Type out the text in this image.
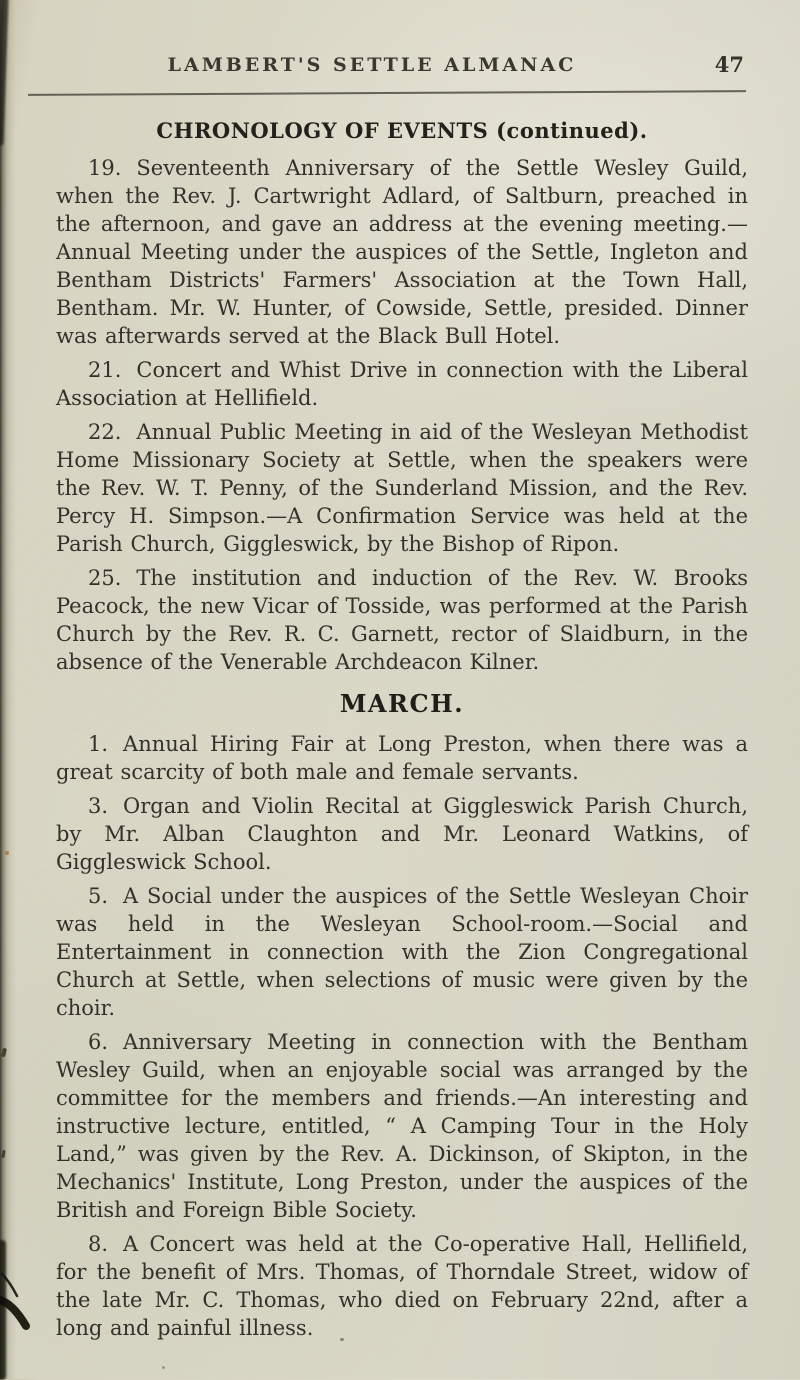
LAMBERT'S SETTLE ALMANAC	47
CHRONOLOGY OF EVENTS (continued).

19. Seventeenth Anniversary of the Settle Wesley Guild, when the Rev. J. Cartwright Adlard, of Saltburn, preached in the afternoon, and gave an address at the evening meeting.—Annual Meeting under the auspices of the Settle, Ingleton and Bentham Districts' Farmers' Association at the Town Hall, Bentham. Mr. W. Hunter, of Cowside, Settle, presided. Dinner was afterwards served at the Black Bull Hotel.

21. Concert and Whist Drive in connection with the Liberal Association at Hellifield.

22. Annual Public Meeting in aid of the Wesleyan Methodist Home Missionary Society at Settle, when the speakers were the Rev. W. T. Penny, of the Sunderland Mission, and the Rev. Percy H. Simpson.—A Confirmation Service was held at the Parish Church, Giggleswick, by the Bishop of Ripon.

25. The institution and induction of the Rev. W. Brooks Peacock, the new Vicar of Tosside, was performed at the Parish Church by the Rev. R. C. Garnett, rector of Slaidburn, in the absence of the Venerable Archdeacon Kilner.

MARCH.

1. Annual Hiring Fair at Long Preston, when there was a great scarcity of both male and female servants.

3. Organ and Violin Recital at Giggleswick Parish Church, by Mr. Alban Claughton and Mr. Leonard Watkins, of Giggleswick School.

5. A Social under the auspices of the Settle Wesleyan Choir was held in the Wesleyan School-room.—Social and Entertainment in connection with the Zion Congregational Church at Settle, when selections of music were given by the choir.

6. Anniversary Meeting in connection with the Bentham Wesley Guild, when an enjoyable social was arranged by the committee for the members and friends.—An interesting and instructive lecture, entitled, “ A Camping Tour in the Holy Land,” was given by the Rev. A. Dickinson, of Skipton, in the Mechanics' Institute, Long Preston, under the auspices of the British and Foreign Bible Society.

8. A Concert was held at the Co-operative Hall, Hellifield, for the benefit of Mrs. Thomas, of Thorndale Street, widow of the late Mr. C. Thomas, who died on February 22nd, after a long and painful illness.
